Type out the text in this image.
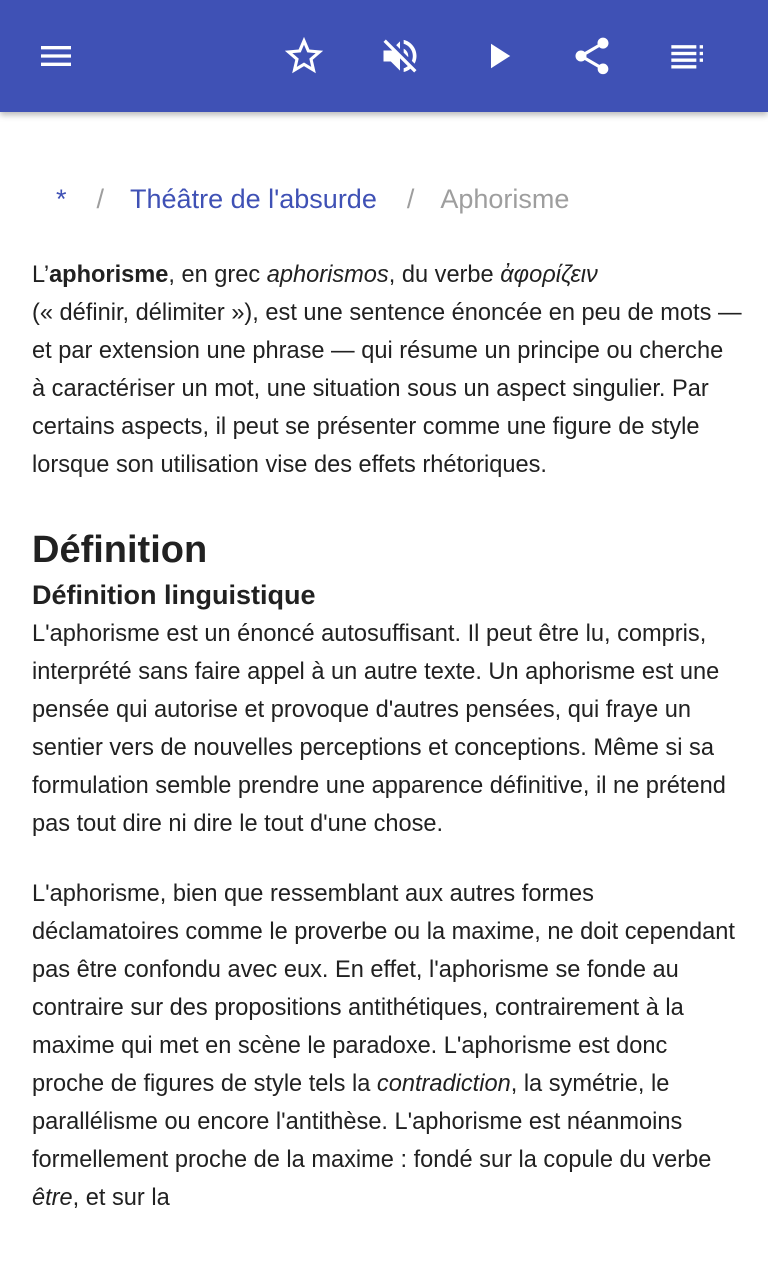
* / Théâtre de l'absurde / Aphorisme

L’aphorisme, en grec aphorismos, du verbe ἀφορίζειν
(« définir, délimiter »), est une sentence énoncée en peu de mots — et par extension une phrase — qui résume un principe ou cherche à caractériser un mot, une situation sous un aspect singulier. Par certains aspects, il peut se présenter comme une figure de style lorsque son utilisation vise des effets rhétoriques.

Définition
Définition linguistique

L'aphorisme est un énoncé autosuffisant. Il peut être lu, compris, interprété sans faire appel à un autre texte. Un aphorisme est une pensée qui autorise et provoque d'autres pensées, qui fraye un sentier vers de nouvelles perceptions et conceptions. Même si sa formulation semble prendre une apparence définitive, il ne prétend pas tout dire ni dire le tout d'une chose.

L'aphorisme, bien que ressemblant aux autres formes déclamatoires comme le proverbe ou la maxime, ne doit cependant pas être confondu avec eux. En effet, l'aphorisme se fonde au contraire sur des propositions antithétiques, contrairement à la maxime qui met en scène le paradoxe. L'aphorisme est donc proche de figures de style tels la contradiction, la symétrie, le parallélisme ou encore l'antithèse. L'aphorisme est néanmoins formellement proche de la maxime : fondé sur la copule du verbe être, et sur la
